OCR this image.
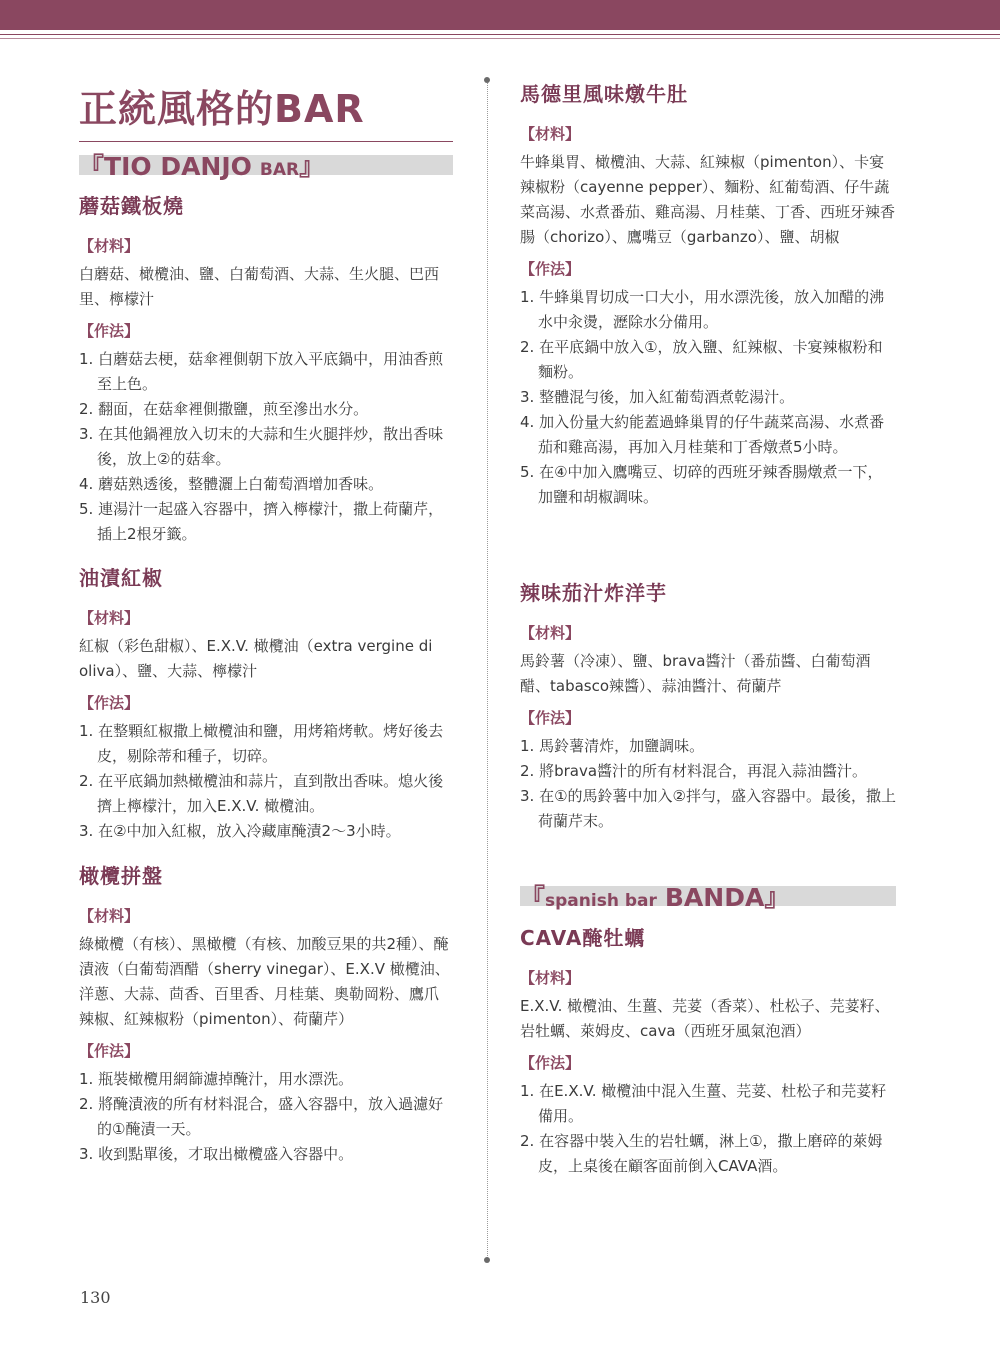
正統風格的BAR
『TIO DANJO BAR』
蘑菇鐵板燒
【材料】

白蘑菇、橄欖油、鹽、白葡萄酒、大蒜、生火腿、巴西里、檸檬汁

【作法】
1. 白蘑菇去梗，菇傘裡側朝下放入平底鍋中，用油香煎至上色。
2. 翻面，在菇傘裡側撒鹽，煎至滲出水分。
3. 在其他鍋裡放入切末的大蒜和生火腿拌炒，散出香味後，放上②的菇傘。
4. 蘑菇熟透後，整體灑上白葡萄酒增加香味。
5. 連湯汁一起盛入容器中，擠入檸檬汁，撒上荷蘭芹，插上2根牙籤。
油漬紅椒
【材料】

紅椒（彩色甜椒）、E.X.V. 橄欖油（extra vergine di oliva）、鹽、大蒜、檸檬汁

【作法】
1. 在整顆紅椒撒上橄欖油和鹽，用烤箱烤軟。烤好後去皮，剔除蒂和種子，切碎。
2. 在平底鍋加熱橄欖油和蒜片，直到散出香味。熄火後擠上檸檬汁，加入E.X.V. 橄欖油。
3. 在②中加入紅椒，放入冷藏庫醃漬2〜3小時。
橄欖拼盤
【材料】

綠橄欖（有核）、黑橄欖（有核、加酸豆果的共2種）、醃漬液（白葡萄酒醋（sherry vinegar）、E.X.V 橄欖油、洋蔥、大蒜、茴香、百里香、月桂葉、奧勒岡粉、鷹爪辣椒、紅辣椒粉（pimenton）、荷蘭芹）

【作法】
1. 瓶裝橄欖用網篩濾掉醃汁，用水漂洗。
2. 將醃漬液的所有材料混合，盛入容器中，放入過濾好的①醃漬一天。
3. 收到點單後，才取出橄欖盛入容器中。
馬德里風味燉牛肚
【材料】

牛蜂巢胃、橄欖油、大蒜、紅辣椒（pimenton）、卡宴辣椒粉（cayenne pepper）、麵粉、紅葡萄酒、仔牛蔬菜高湯、水煮番茄、雞高湯、月桂葉、丁香、西班牙辣香腸（chorizo）、鷹嘴豆（garbanzo）、鹽、胡椒

【作法】
1. 牛蜂巢胃切成一口大小，用水漂洗後，放入加醋的沸水中汆燙，瀝除水分備用。
2. 在平底鍋中放入①，放入鹽、紅辣椒、卡宴辣椒粉和麵粉。
3. 整體混勻後，加入紅葡萄酒煮乾湯汁。
4. 加入份量大約能蓋過蜂巢胃的仔牛蔬菜高湯、水煮番茄和雞高湯，再加入月桂葉和丁香燉煮5小時。
5. 在④中加入鷹嘴豆、切碎的西班牙辣香腸燉煮一下，加鹽和胡椒調味。
辣味茄汁炸洋芋
【材料】

馬鈴薯（冷凍）、鹽、brava醬汁（番茄醬、白葡萄酒醋、tabasco辣醬）、蒜油醬汁、荷蘭芹

【作法】
1. 馬鈴薯清炸，加鹽調味。
2. 將brava醬汁的所有材料混合，再混入蒜油醬汁。
3. 在①的馬鈴薯中加入②拌勻，盛入容器中。最後，撒上荷蘭芹末。
『spanish bar BANDA』
CAVA醃牡蠣
【材料】

E.X.V. 橄欖油、生薑、芫荽（香菜）、杜松子、芫荽籽、岩牡蠣、萊姆皮、cava（西班牙風氣泡酒）

【作法】
1. 在E.X.V. 橄欖油中混入生薑、芫荽、杜松子和芫荽籽備用。
2. 在容器中裝入生的岩牡蠣，淋上①，撒上磨碎的萊姆皮，上桌後在顧客面前倒入CAVA酒。
130
